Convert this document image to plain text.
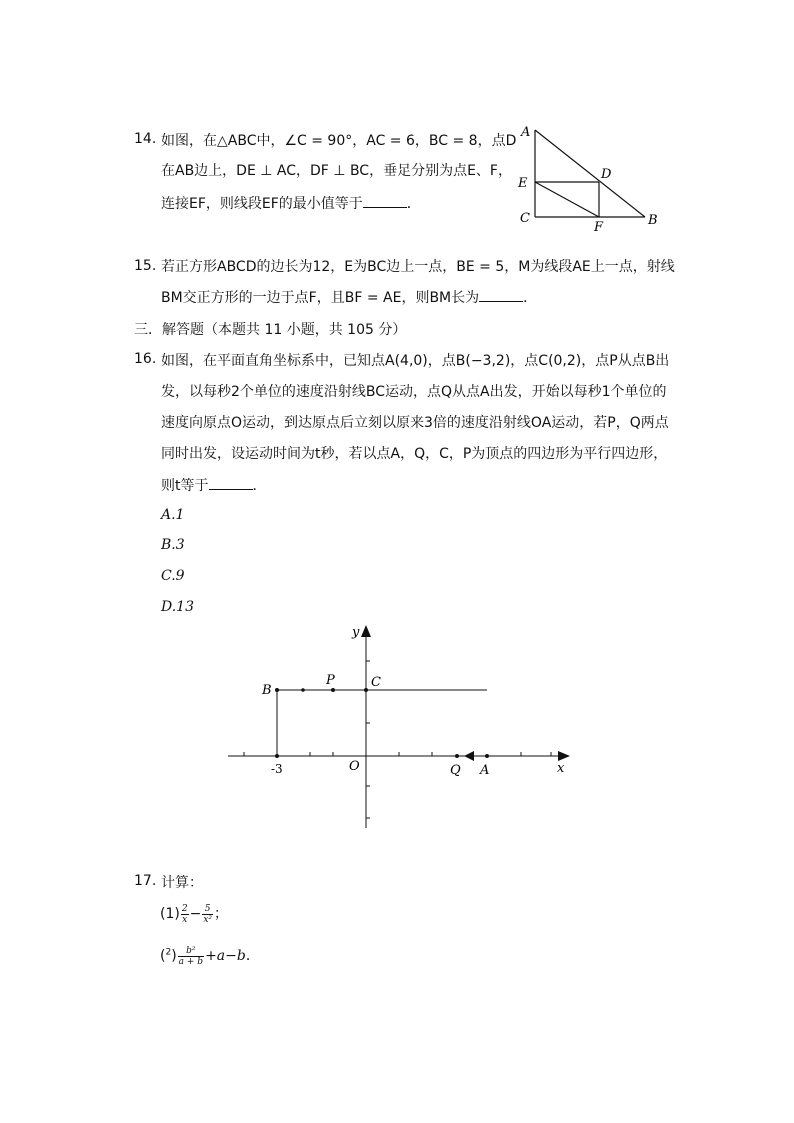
14. 如图，在△ABC中，∠C = 90°，AC = 6，BC = 8，点D
在AB边上，DE ⊥ AC，DF ⊥ BC，垂足分别为点E、F，
连接EF，则线段EF的最小值等于	．
A
D
E
C
F	B
15. 若正方形ABCD的边长为12，E为BC边上一点，BE = 5，M为线段AE上一点，射线
BM交正方形的一边于点F，且BF = AE，则BM长为	．
三．解答题（本题共 11 小题，共 105 分）
16. 如图，在平面直角坐标系中，已知点A(4,0)，点B(−3,2)，点C(0,2)，点P从点B出
发，以每秒2个单位的速度沿射线BC运动，点Q从点A出发，开始以每秒1个单位的
速度向原点O运动，到达原点后立刻以原来3倍的速度沿射线OA运动，若P，Q两点
同时出发，设运动时间为t秒，若以点A，Q，C，P为顶点的四边形为平行四边形，
则t等于	．
A.1
B.3
C.9
D.13
y
x
B
P	C
O	Q A
-3
17. 计算：
$(1) \frac{2}{x} - \frac{5}{\text{x²}}$ ；
$(^2) \frac{\text{b²}}{a + b} +a-b$．
